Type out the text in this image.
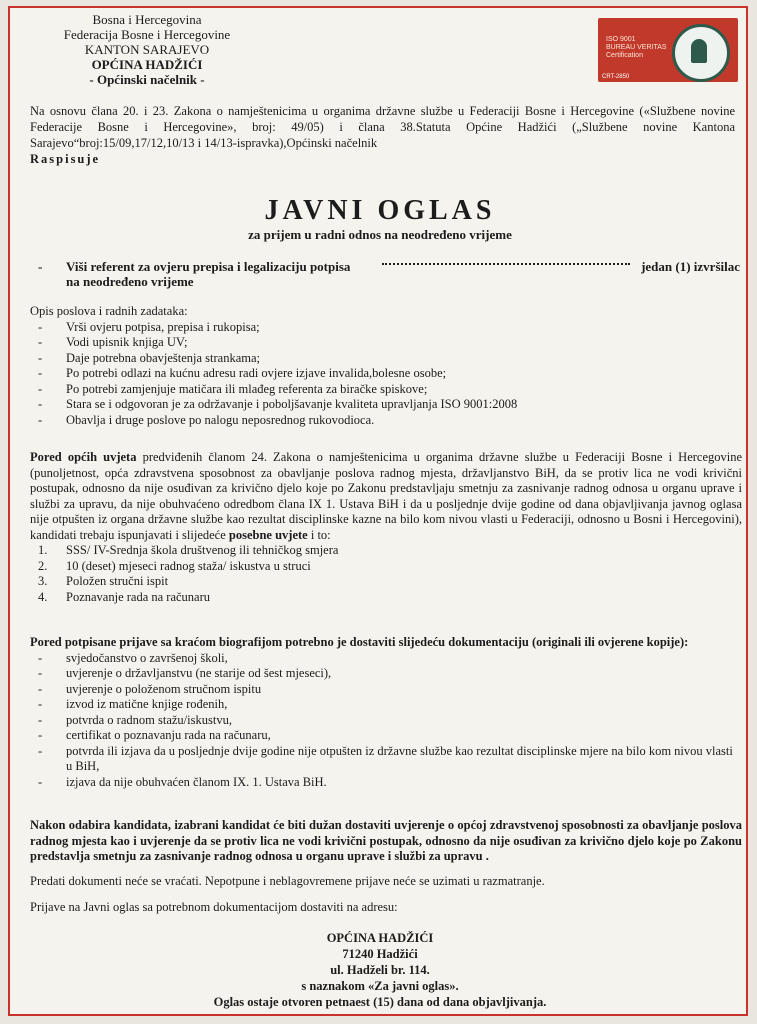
Bosna i Hercegovina
Federacija Bosne i Hercegovine
KANTON SARAJEVO
OPĆINA HADŽIĆI
- Općinski načelnik -
ISO 9001
BUREAU VERITAS
Certification
CRT-2850
Na osnovu člana 20. i 23. Zakona o namještenicima u organima državne službe u Federaciji Bosne i Hercegovine («Službene novine Federacije Bosne i Hercegovine», broj: 49/05) i člana 38.Statuta Općine Hadžići („Službene novine Kantona Sarajevo“broj:15/09,17/12,10/13 i 14/13-ispravka),Općinski načelnik
Raspisuje
JAVNI OGLAS
za prijem u radni odnos na neodređeno vrijeme
- Viši referent za ovjeru prepisa i legalizaciju potpisa	jedan (1) izvršilac
na neodređeno vrijeme
Opis poslova i radnih zadataka:
- Vrši ovjeru potpisa, prepisa i rukopisa;
- Vodi upisnik knjiga UV;
- Daje potrebna obavještenja strankama;
- Po potrebi odlazi na kućnu adresu radi ovjere izjave invalida,bolesne osobe;
- Po potrebi zamjenjuje matičara ili mlađeg referenta za biračke spiskove;
- Stara se i odgovoran je za održavanje i poboljšavanje kvaliteta upravljanja ISO 9001:2008
- Obavlja i druge poslove po nalogu neposrednog rukovodioca.
Pored općih uvjeta predviđenih članom 24. Zakona o namještenicima u organima državne službe u Federaciji Bosne i Hercegovine (punoljetnost, opća zdravstvena sposobnost za obavljanje poslova radnog mjesta, državljanstvo BiH, da se protiv lica ne vodi krivični postupak, odnosno da nije osuđivan za krivično djelo koje po Zakonu predstavljaju smetnju za zasnivanje radnog odnosa u organu uprave i službi za upravu, da nije obuhvaćeno odredbom člana IX 1. Ustava BiH i da u posljednje dvije godine od dana objavljivanja javnog oglasa nije otpušten iz organa državne službe kao rezultat disciplinske kazne na bilo kom nivou vlasti u Federaciji, odnosno u Bosni i Hercegovini), kandidati trebaju ispunjavati i slijedeće posebne uvjete i to:
1. SSS/ IV-Srednja škola društvenog ili tehničkog smjera
2. 10 (deset) mjeseci radnog staža/ iskustva u struci
3. Položen stručni ispit
4. Poznavanje rada na računaru
Pored potpisane prijave sa kraćom biografijom potrebno je dostaviti slijedeću dokumentaciju (originali ili ovjerene kopije):
- svjedočanstvo o završenoj školi,
- uvjerenje o državljanstvu (ne starije od šest mjeseci),
- uvjerenje o položenom stručnom ispitu
- izvod iz matične knjige rođenih,
- potvrda o radnom stažu/iskustvu,
- certifikat o poznavanju rada na računaru,
- potvrda ili izjava da u posljednje dvije godine nije otpušten iz državne službe kao rezultat disciplinske mjere na bilo kom nivou vlasti u BiH,
- izjava da nije obuhvaćen članom IX. 1. Ustava BiH.
Nakon odabira kandidata, izabrani kandidat će biti dužan dostaviti uvjerenje o općoj zdravstvenoj sposobnosti za obavljanje poslova radnog mjesta kao i uvjerenje da se protiv lica ne vodi krivični postupak, odnosno da nije osuđivan za krivično djelo koje po Zakonu predstavlja smetnju za zasnivanje radnog odnosa u organu uprave i službi za upravu .
Predati dokumenti neće se vraćati. Nepotpune i neblagovremene prijave neće se uzimati u razmatranje.
Prijave na Javni oglas sa potrebnom dokumentacijom dostaviti na adresu:
OPĆINA HADŽIĆI
71240 Hadžići
ul. Hadželi br. 114.
s naznakom «Za javni oglas».
Oglas ostaje otvoren petnaest (15) dana od dana objavljivanja.
